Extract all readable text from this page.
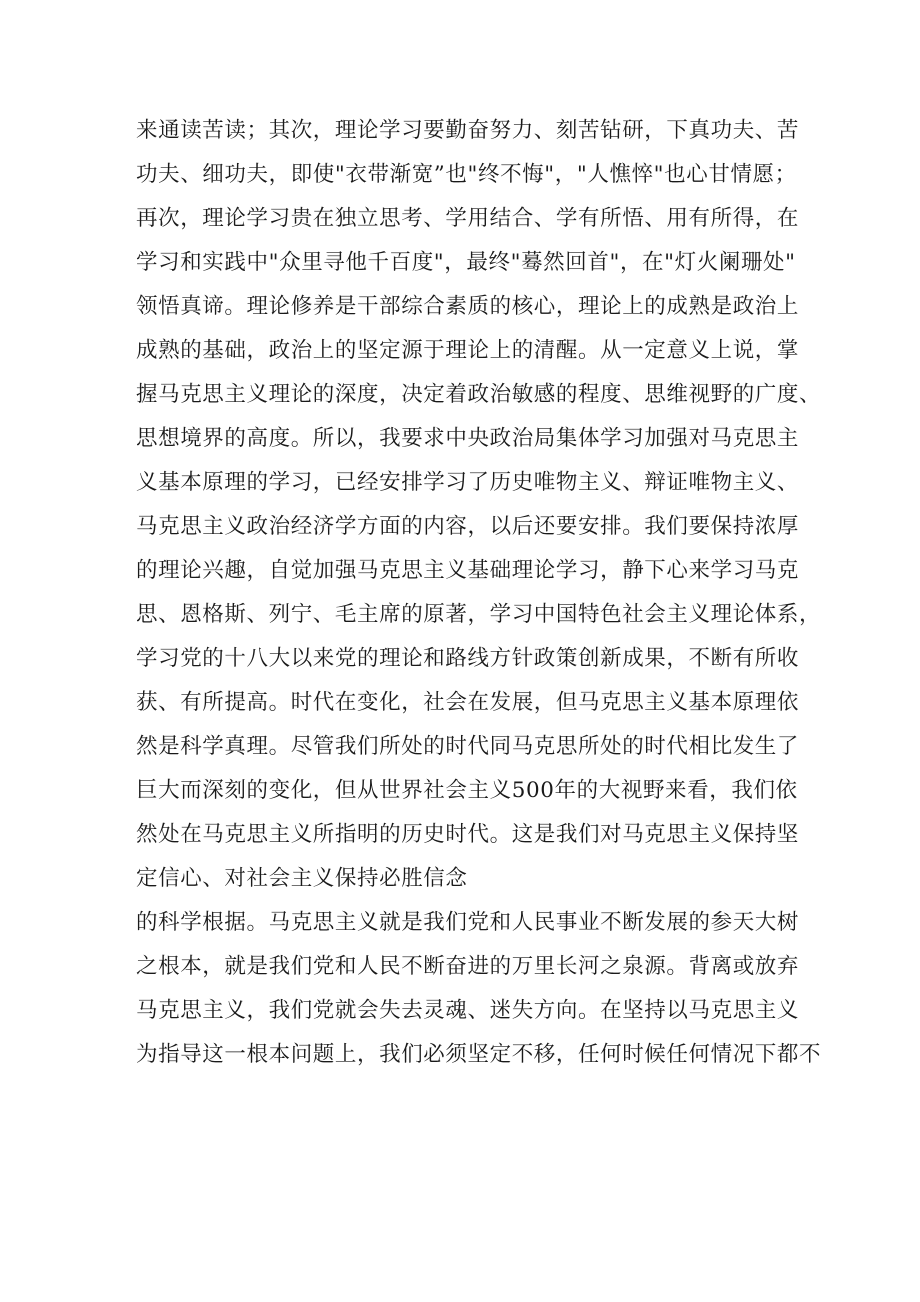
来通读苦读；其次，理论学习要勤奋努力、刻苦钻研，下真功夫、苦
功夫、细功夫，即使"衣带渐宽”也"终不悔"，"人憔悴"也心甘情愿；
再次，理论学习贵在独立思考、学用结合、学有所悟、用有所得，在
学习和实践中"众里寻他千百度"，最终"蓦然回首"，在"灯火阑珊处"
领悟真谛。理论修养是干部综合素质的核心，理论上的成熟是政治上
成熟的基础，政治上的坚定源于理论上的清醒。从一定意义上说，掌
握马克思主义理论的深度，决定着政治敏感的程度、思维视野的广度、
思想境界的高度。所以，我要求中央政治局集体学习加强对马克思主
义基本原理的学习，已经安排学习了历史唯物主义、辩证唯物主义、
马克思主义政治经济学方面的内容，以后还要安排。我们要保持浓厚
的理论兴趣，自觉加强马克思主义基础理论学习，静下心来学习马克
思、恩格斯、列宁、毛主席的原著，学习中国特色社会主义理论体系，
学习党的十八大以来党的理论和路线方针政策创新成果，不断有所收
获、有所提高。时代在变化，社会在发展，但马克思主义基本原理依
然是科学真理。尽管我们所处的时代同马克思所处的时代相比发生了
巨大而深刻的变化，但从世界社会主义500年的大视野来看，我们依
然处在马克思主义所指明的历史时代。这是我们对马克思主义保持坚
定信心、对社会主义保持必胜信念
的科学根据。马克思主义就是我们党和人民事业不断发展的参天大树
之根本，就是我们党和人民不断奋进的万里长河之泉源。背离或放弃
马克思主义，我们党就会失去灵魂、迷失方向。在坚持以马克思主义
为指导这一根本问题上，我们必须坚定不移，任何时候任何情况下都不
